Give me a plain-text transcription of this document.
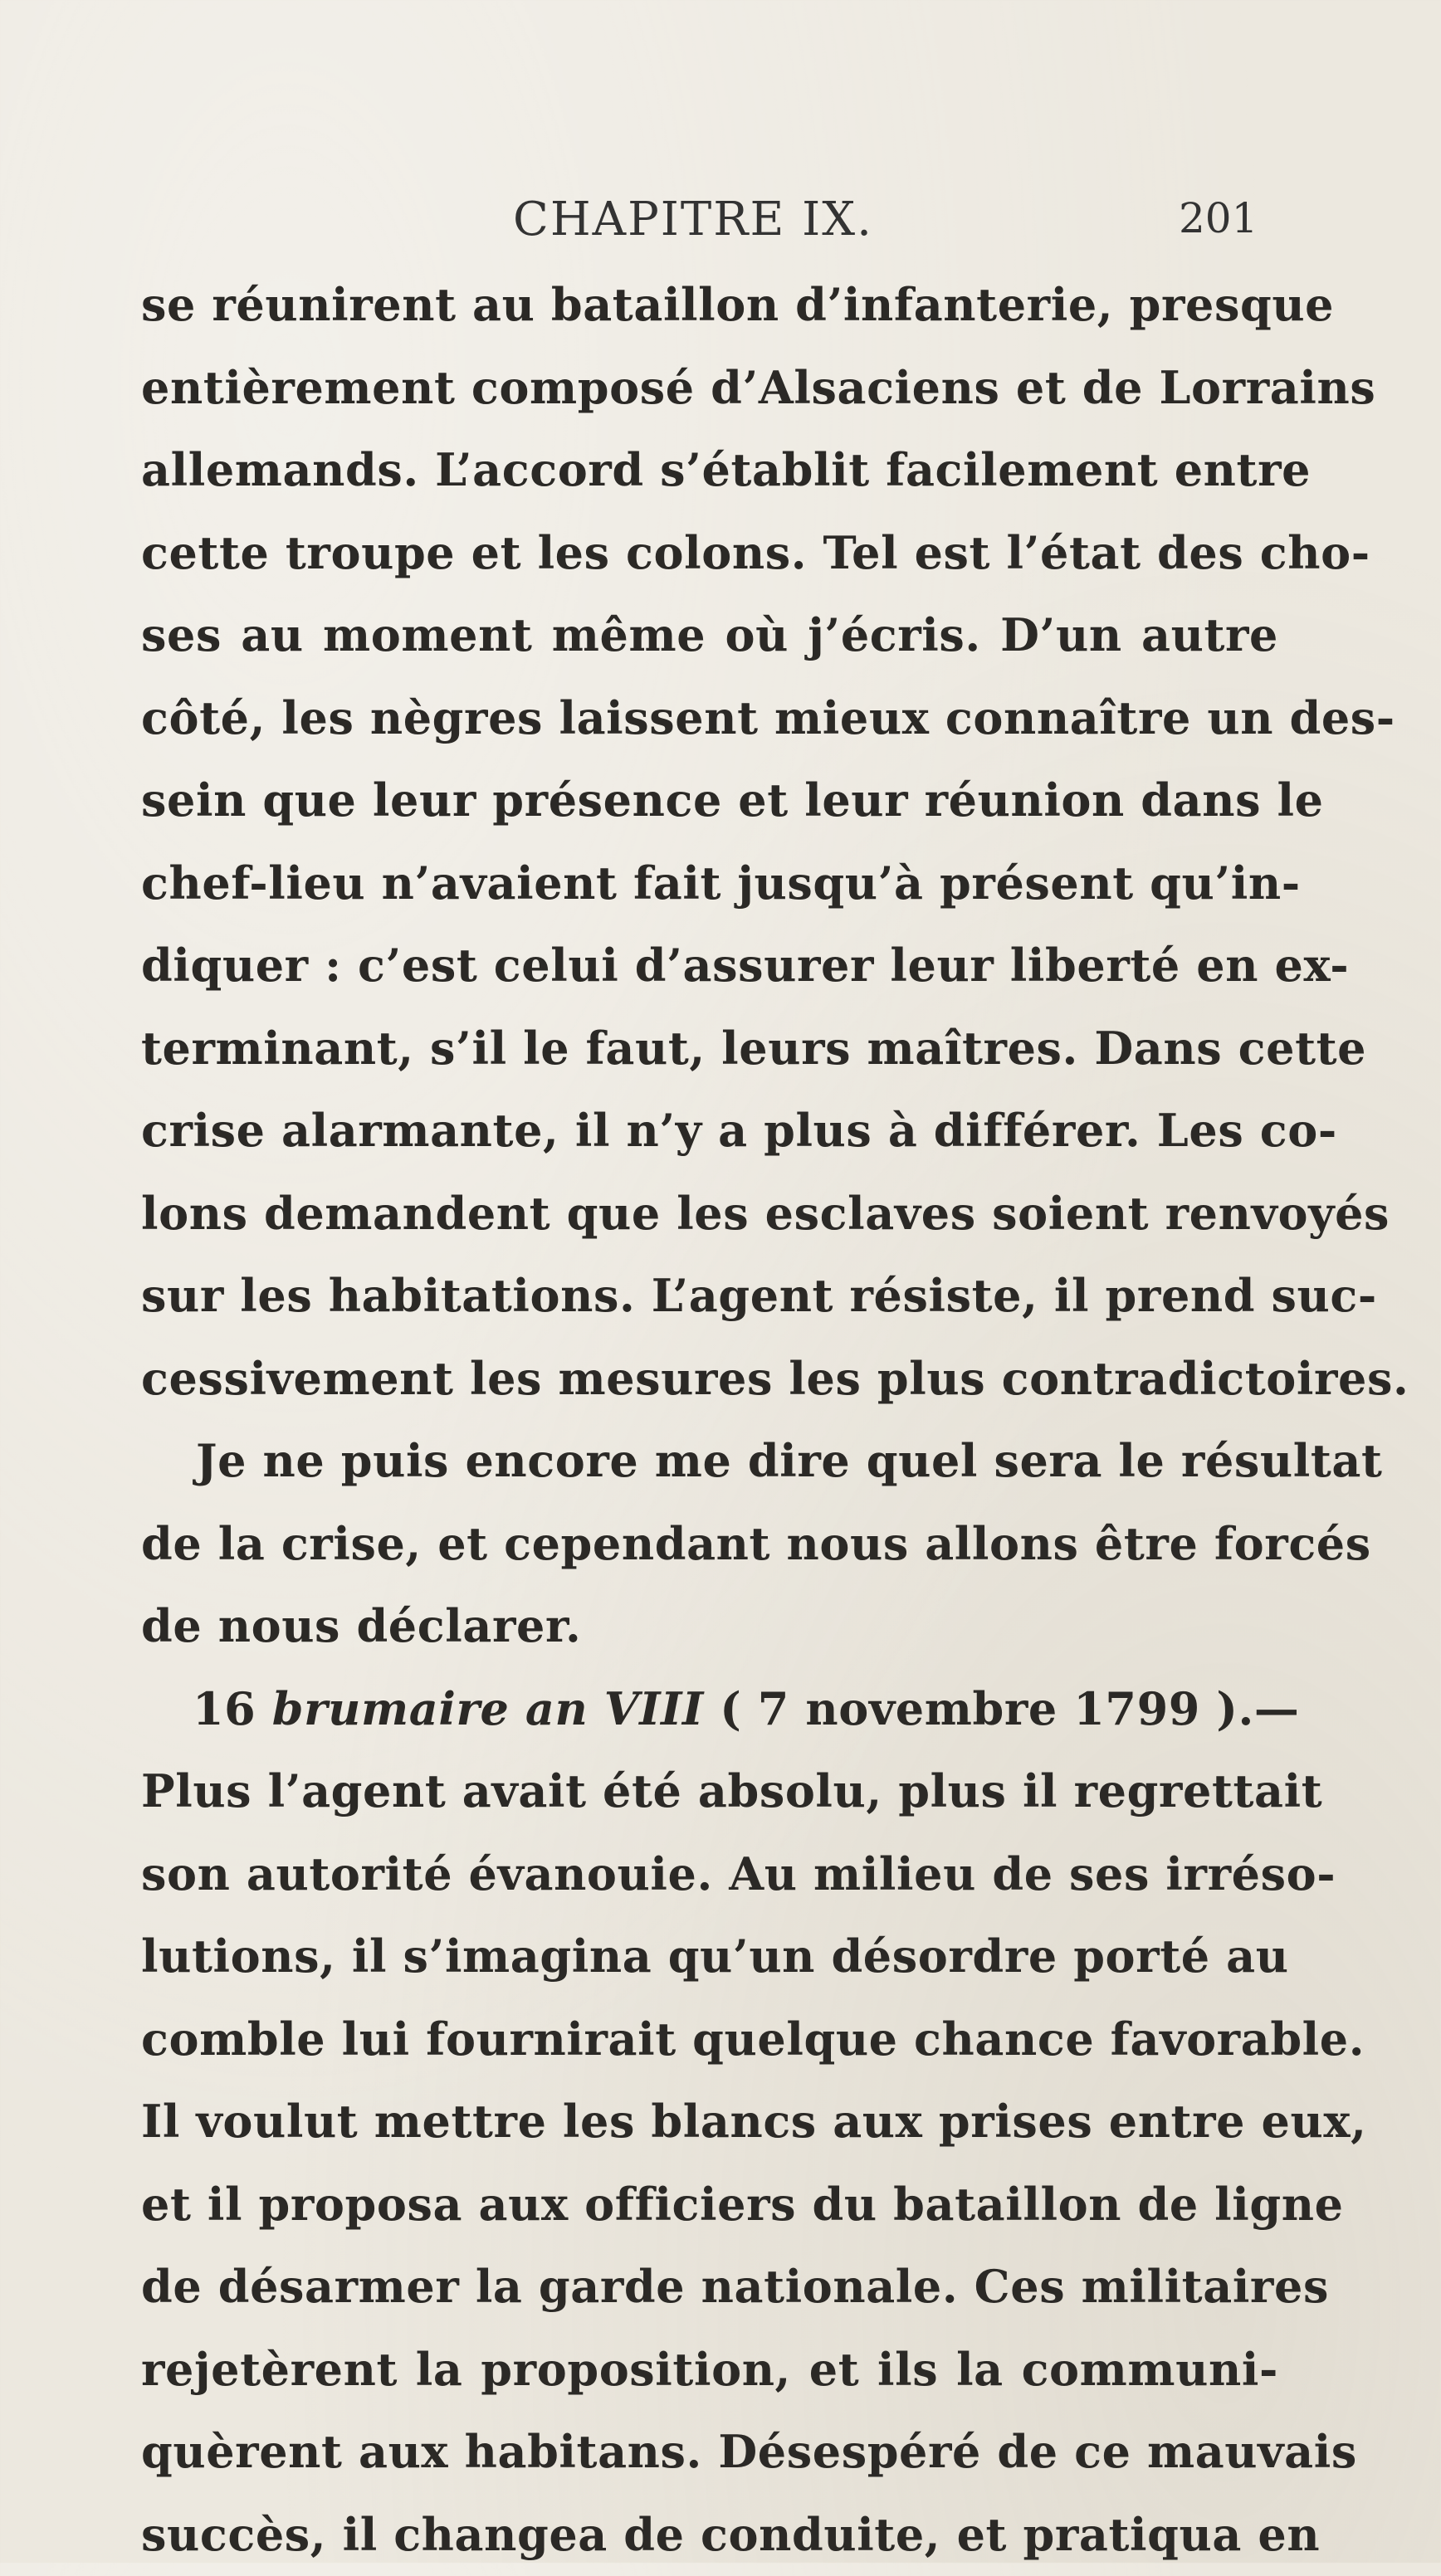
CHAPITRE IX.	201
se réunirent au bataillon d’infanterie, presque
entièrement composé d’Alsaciens et de Lorrains
allemands. L’accord s’établit facilement entre
cette troupe et les colons. Tel est l’état des cho-
ses au moment même où j’écris. D’un autre
côté, les nègres laissent mieux connaître un des-
sein que leur présence et leur réunion dans le
chef-lieu n’avaient fait jusqu’à présent qu’in-
diquer : c’est celui d’assurer leur liberté en ex-
terminant, s’il le faut, leurs maîtres. Dans cette
crise alarmante, il n’y a plus à différer. Les co-
lons demandent que les esclaves soient renvoyés
sur les habitations. L’agent résiste, il prend suc-
cessivement les mesures les plus contradictoires.
Je ne puis encore me dire quel sera le résultat
de la crise, et cependant nous allons être forcés
de nous déclarer.
16 brumaire an VIII ( 7 novembre 1799 ).—
Plus l’agent avait été absolu, plus il regrettait
son autorité évanouie. Au milieu de ses irréso-
lutions, il s’imagina qu’un désordre porté au
comble lui fournirait quelque chance favorable.
Il voulut mettre les blancs aux prises entre eux,
et il proposa aux officiers du bataillon de ligne
de désarmer la garde nationale. Ces militaires
rejetèrent la proposition, et ils la communi-
quèrent aux habitans. Désespéré de ce mauvais
succès, il changea de conduite, et pratiqua en
